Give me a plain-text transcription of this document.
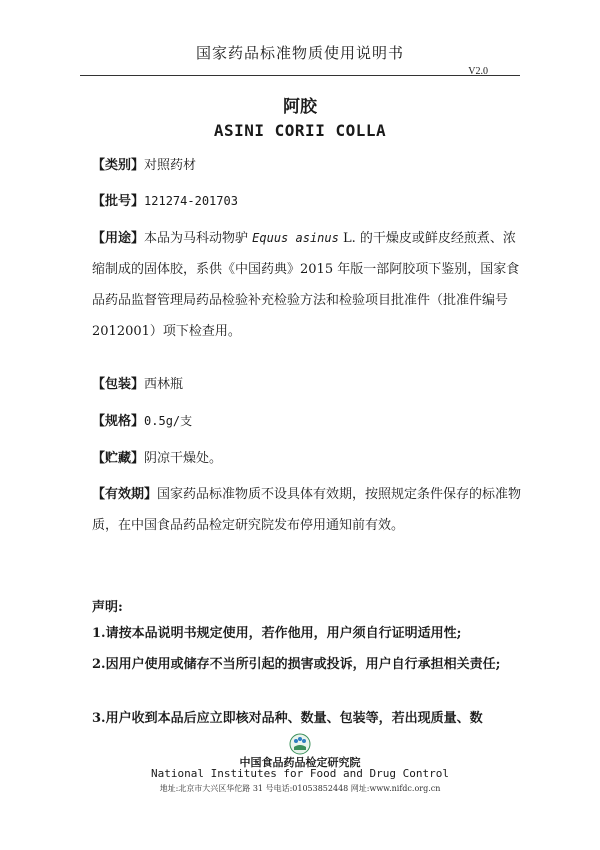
国家药品标准物质使用说明书
V2.0
阿胶
ASINI CORII COLLA
【类别】对照药材
【批号】121274-201703
【用途】本品为马科动物驴 Equus asinus L. 的干燥皮或鲜皮经煎煮、浓缩制成的固体胶，系供《中国药典》2015 年版一部阿胶项下鉴别，国家食品药品监督管理局药品检验补充检验方法和检验项目批准件（批准件编号 2012001）项下检查用。
【包装】西林瓶
【规格】0.5g/支
【贮藏】阴凉干燥处。
【有效期】国家药品标准物质不设具体有效期，按照规定条件保存的标准物质，在中国食品药品检定研究院发布停用通知前有效。
声明:
1.请按本品说明书规定使用，若作他用，用户须自行证明适用性;
2.因用户使用或储存不当所引起的损害或投诉，用户自行承担相关责任;
3.用户收到本品后应立即核对品种、数量、包装等，若出现质量、数
中国食品药品检定研究院
National Institutes for Food and Drug Control
地址:北京市大兴区华佗路 31 号电话:01053852448 网址:www.nifdc.org.cn
